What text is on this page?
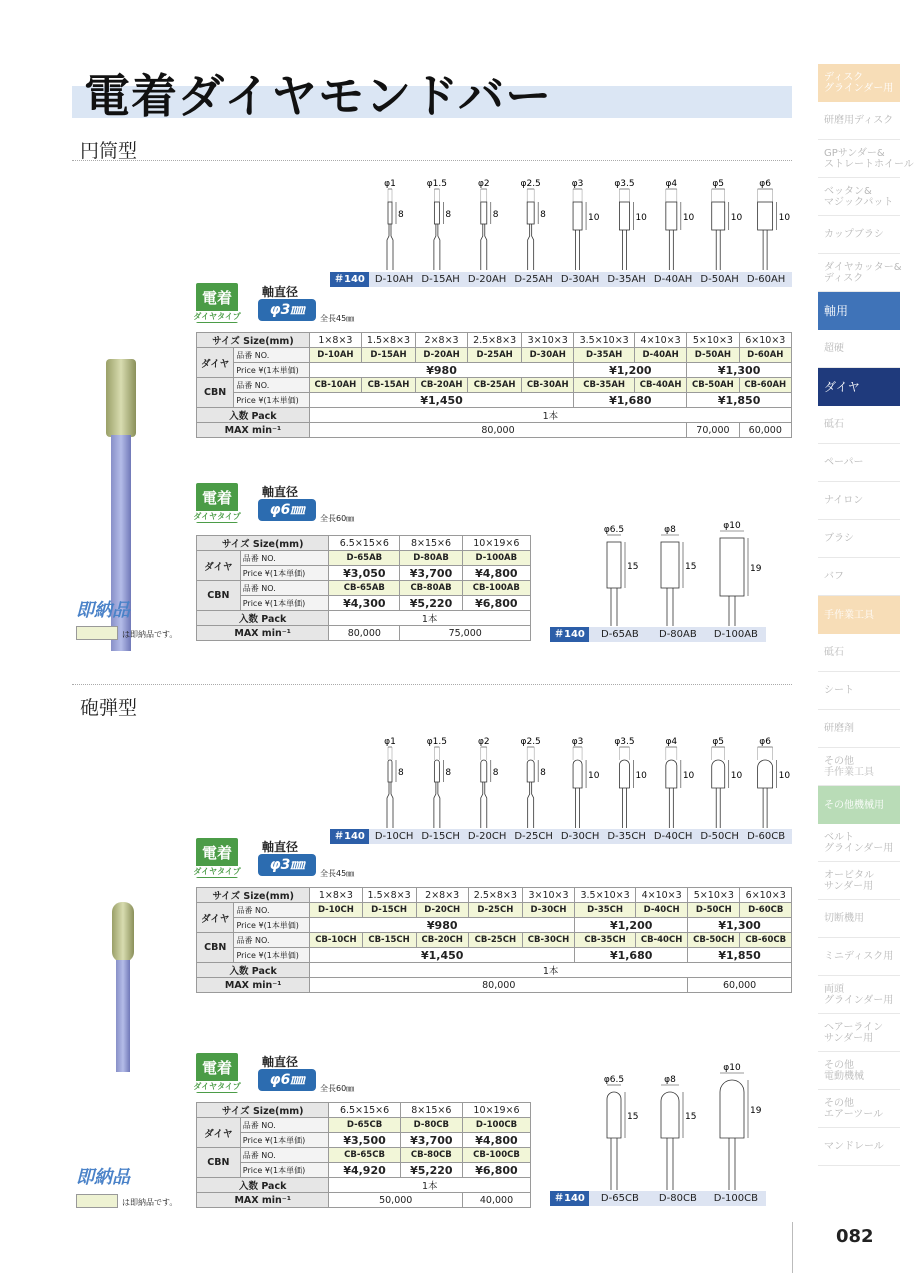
電着ダイヤモンドバー	ディスク
グラインダー用
研磨用ディスク
GPサンダー&
ストレートホイール
ベッタン&
マジックパット
カップブラシ
ダイヤカッター&
ディスク
軸用
超硬
ダイヤ
砥石
ペーパー
ナイロン
ブラシ
バフ
手作業工具
砥石
シート
研磨剤
その他
手作業工具
その他機械用
ベルト
グラインダー用
オービタル
サンダー用
切断機用
ミニディスク用
両頭
グラインダー用
ヘアーライン
サンダー用
その他
電動機械
その他
エアーツール
マンドレール
082
円筒型
φ1
8
φ1.5
8
φ2
8
φ2.5
8
φ3
10
φ3.5
10
φ4
10
φ5
10
φ6
10
＃140	D-10AH D-15AH D-20AH D-25AH D-30AH D-35AH D-40AH D-50AH D-60AH
φ6.5
15
φ8
15
φ10
19
＃140	D-65AB	D-80AB	D-100AB
砲弾型
φ1
8
φ1.5
8
φ2
8
φ2.5
8
φ3
10
φ3.5
10
φ4
10
φ5
10
φ6
10
＃140 D-10CH D-15CH D-20CH D-25CH D-30CH D-35CH D-40CH D-50CH D-60CB
φ6.5
15
φ8
15
φ10
19
＃140	D-65CB	D-80CB	D-100CB
電着
ダイヤタイプ
軸直径
φ3㎜
全長45㎜
電着
ダイヤタイプ
軸直径
φ6㎜
全長60㎜
電着
ダイヤタイプ
軸直径
φ3㎜
全長45㎜
電着
ダイヤタイプ
軸直径
φ6㎜
全長60㎜
サイズ Size(mm)		1×8×3	1.5×8×3	2×8×3	2.5×8×3	3×10×3	3.5×10×3	4×10×3	5×10×3	6×10×3
ダイヤ	品番 NO.	D-10AH	D-15AH	D-20AH	D-25AH	D-30AH	D-35AH	D-40AH	D-50AH	D-60AH
	Price ¥(1本単価)	¥980					¥1,200		¥1,300	
CBN	品番 NO.	CB-10AH	CB-15AH	CB-20AH	CB-25AH	CB-30AH	CB-35AH	CB-40AH	CB-50AH	CB-60AH
	Price ¥(1本単価)	¥1,450					¥1,680		¥1,850	
入数 Pack		1本								
MAX min⁻¹		80,000							70,000	60,000
サイズ Size(mm)		6.5×15×6	8×15×6	10×19×6
ダイヤ	品番 NO.	D-65AB	D-80AB	D-100AB
	Price ¥(1本単価)	¥3,050	¥3,700	¥4,800
CBN	品番 NO.	CB-65AB	CB-80AB	CB-100AB
	Price ¥(1本単価)	¥4,300	¥5,220	¥6,800
入数 Pack		1本		
MAX min⁻¹		80,000	75,000	
サイズ Size(mm)		1×8×3	1.5×8×3	2×8×3	2.5×8×3	3×10×3	3.5×10×3	4×10×3	5×10×3	6×10×3
ダイヤ	品番 NO.	D-10CH	D-15CH	D-20CH	D-25CH	D-30CH	D-35CH	D-40CH	D-50CH	D-60CB
	Price ¥(1本単価)	¥980					¥1,200		¥1,300	
CBN	品番 NO.	CB-10CH	CB-15CH	CB-20CH	CB-25CH	CB-30CH	CB-35CH	CB-40CH	CB-50CH	CB-60CB
	Price ¥(1本単価)	¥1,450					¥1,680		¥1,850	
入数 Pack		1本								
MAX min⁻¹		80,000							60,000	
サイズ Size(mm)		6.5×15×6	8×15×6	10×19×6
ダイヤ	品番 NO.	D-65CB	D-80CB	D-100CB
	Price ¥(1本単価)	¥3,500	¥3,700	¥4,800
CBN	品番 NO.	CB-65CB	CB-80CB	CB-100CB
	Price ¥(1本単価)	¥4,920	¥5,220	¥6,800
入数 Pack		1本		
MAX min⁻¹		50,000		40,000
即納品
は即納品です。
即納品
は即納品です。
